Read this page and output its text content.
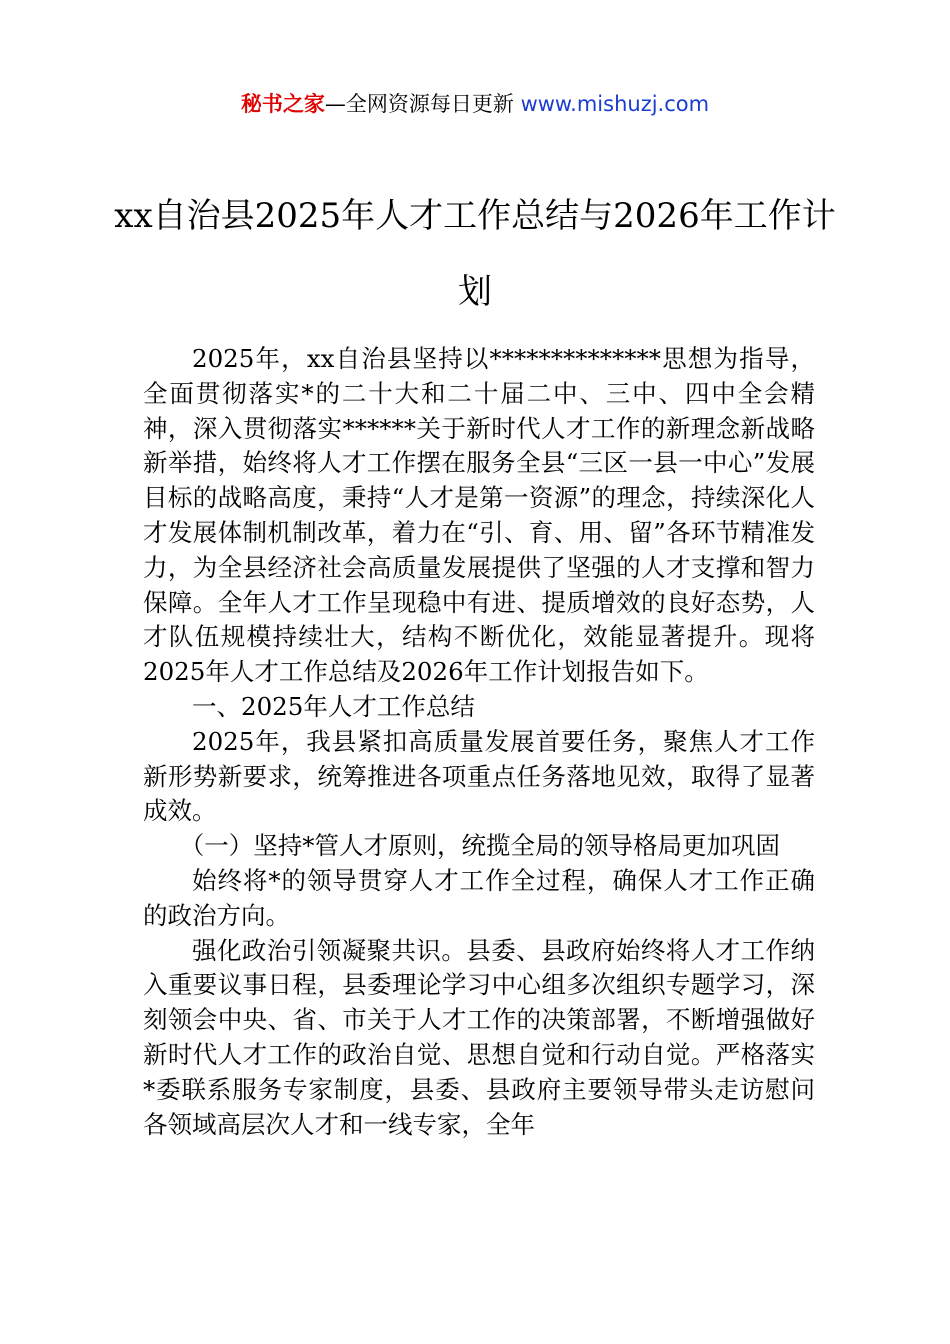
秘书之家—全网资源每日更新 www.mishuzj.com
xx自治县2025年人才工作总结与2026年工作计划

2025年，xx自治县坚持以**************思想为指导，全面贯彻落实*的二十大和二十届二中、三中、四中全会精神，深入贯彻落实******关于新时代人才工作的新理念新战略新举措，始终将人才工作摆在服务全县“三区一县一中心”发展目标的战略高度，秉持“人才是第一资源”的理念，持续深化人才发展体制机制改革，着力在“引、育、用、留”各环节精准发力，为全县经济社会高质量发展提供了坚强的人才支撑和智力保障。全年人才工作呈现稳中有进、提质增效的良好态势，人才队伍规模持续壮大，结构不断优化，效能显著提升。现将2025年人才工作总结及2026年工作计划报告如下。

一、2025年人才工作总结

2025年，我县紧扣高质量发展首要任务，聚焦人才工作新形势新要求，统筹推进各项重点任务落地见效，取得了显著成效。

（一）坚持*管人才原则，统揽全局的领导格局更加巩固

始终将*的领导贯穿人才工作全过程，确保人才工作正确的政治方向。

强化政治引领凝聚共识。县委、县政府始终将人才工作纳入重要议事日程，县委理论学习中心组多次组织专题学习，深刻领会中央、省、市关于人才工作的决策部署，不断增强做好新时代人才工作的政治自觉、思想自觉和行动自觉。严格落实*委联系服务专家制度，县委、县政府主要领导带头走访慰问各领域高层次人才和一线专家，全年
